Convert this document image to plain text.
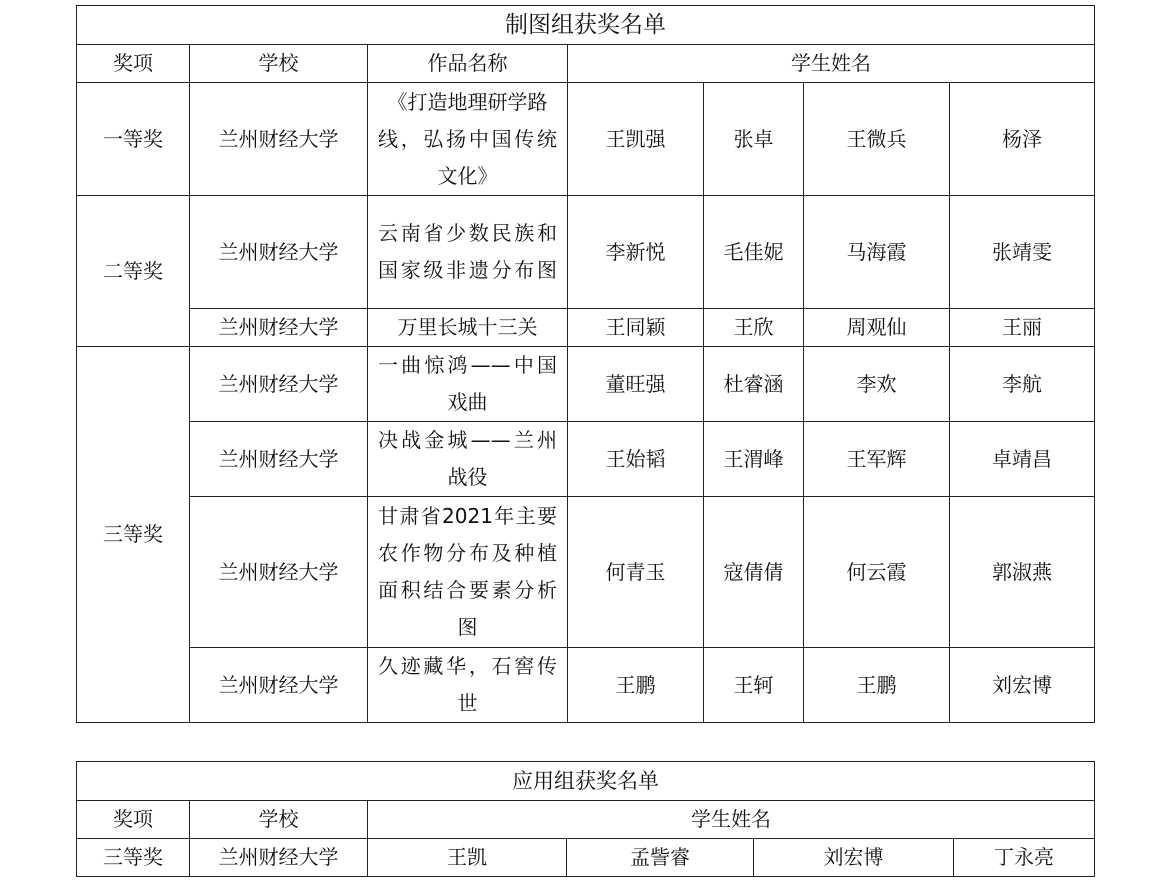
制图组获奖名单						
奖项	学校	作品名称	学生姓名			
一等奖	兰州财经大学	《打造地理研学路
线，弘扬中国传统
文化》	王凯强	张卓	王微兵	杨泽
二等奖	兰州财经大学	云南省少数民族和
国家级非遗分布图	李新悦	毛佳妮	马海霞	张靖雯
	兰州财经大学	万里长城十三关	王同颖	王欣	周观仙	王丽
三等奖	兰州财经大学	一曲惊鸿——中国
戏曲	董旺强	杜睿涵	李欢	李航
	兰州财经大学	决战金城——兰州
战役	王始韬	王渭峰	王军辉	卓靖昌
	兰州财经大学	甘肃省2021年主要
农作物分布及种植
面积结合要素分析
图	何青玉	寇倩倩	何云霞	郭淑燕
	兰州财经大学	久迹藏华，石窖传
世	王鹏	王轲	王鹏	刘宏博
应用组获奖名单					
奖项	学校	学生姓名			
三等奖	兰州财经大学	王凯	孟訾睿	刘宏博	丁永亮
